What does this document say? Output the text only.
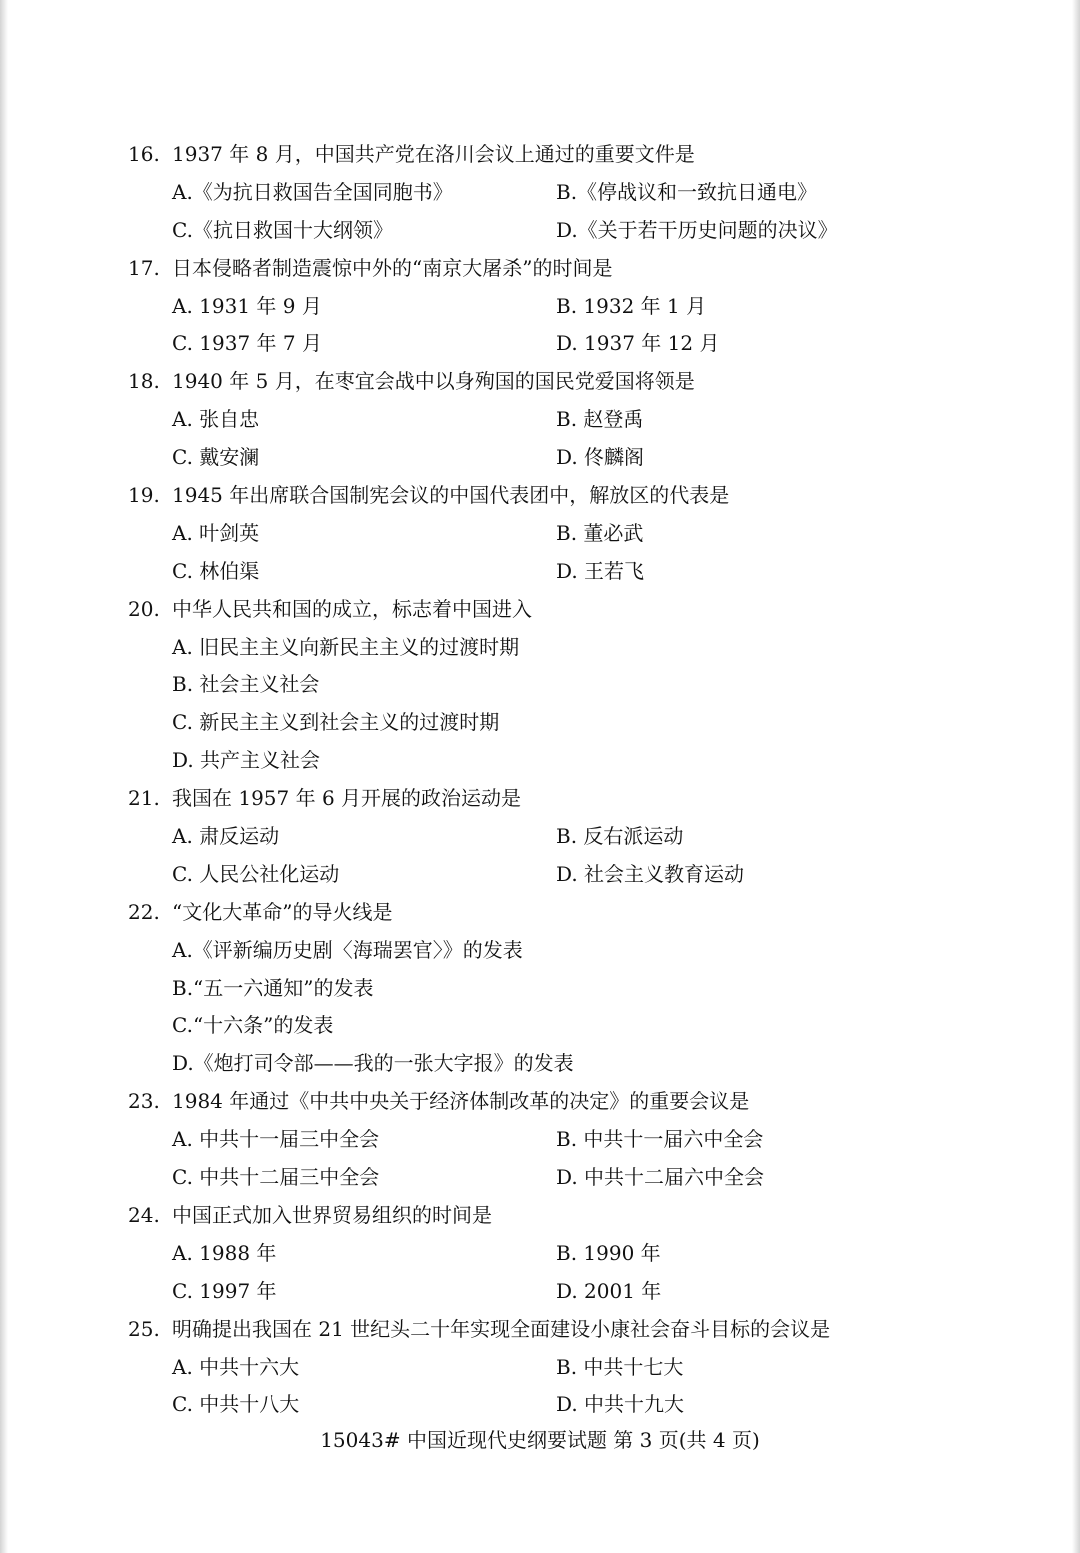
16. 1937 年 8 月，中国共产党在洛川会议上通过的重要文件是
A.《为抗日救国告全国同胞书》	B.《停战议和一致抗日通电》
C.《抗日救国十大纲领》	D.《关于若干历史问题的决议》
17. 日本侵略者制造震惊中外的“南京大屠杀”的时间是
A. 1931 年 9 月	B. 1932 年 1 月
C. 1937 年 7 月	D. 1937 年 12 月
18. 1940 年 5 月，在枣宜会战中以身殉国的国民党爱国将领是
A. 张自忠	B. 赵登禹
C. 戴安澜	D. 佟麟阁
19. 1945 年出席联合国制宪会议的中国代表团中，解放区的代表是
A. 叶剑英	B. 董必武
C. 林伯渠	D. 王若飞
20. 中华人民共和国的成立，标志着中国进入
A. 旧民主主义向新民主主义的过渡时期
B. 社会主义社会
C. 新民主主义到社会主义的过渡时期
D. 共产主义社会
21. 我国在 1957 年 6 月开展的政治运动是
A. 肃反运动	B. 反右派运动
C. 人民公社化运动	D. 社会主义教育运动
22. “文化大革命”的导火线是
A.《评新编历史剧〈海瑞罢官〉》的发表
B.“五一六通知”的发表
C.“十六条”的发表
D.《炮打司令部——我的一张大字报》的发表
23. 1984 年通过《中共中央关于经济体制改革的决定》的重要会议是
A. 中共十一届三中全会	B. 中共十一届六中全会
C. 中共十二届三中全会	D. 中共十二届六中全会
24. 中国正式加入世界贸易组织的时间是
A. 1988 年	B. 1990 年
C. 1997 年	D. 2001 年
25. 明确提出我国在 21 世纪头二十年实现全面建设小康社会奋斗目标的会议是
A. 中共十六大	B. 中共十七大
C. 中共十八大	D. 中共十九大
15043# 中国近现代史纲要试题 第 3 页(共 4 页)
